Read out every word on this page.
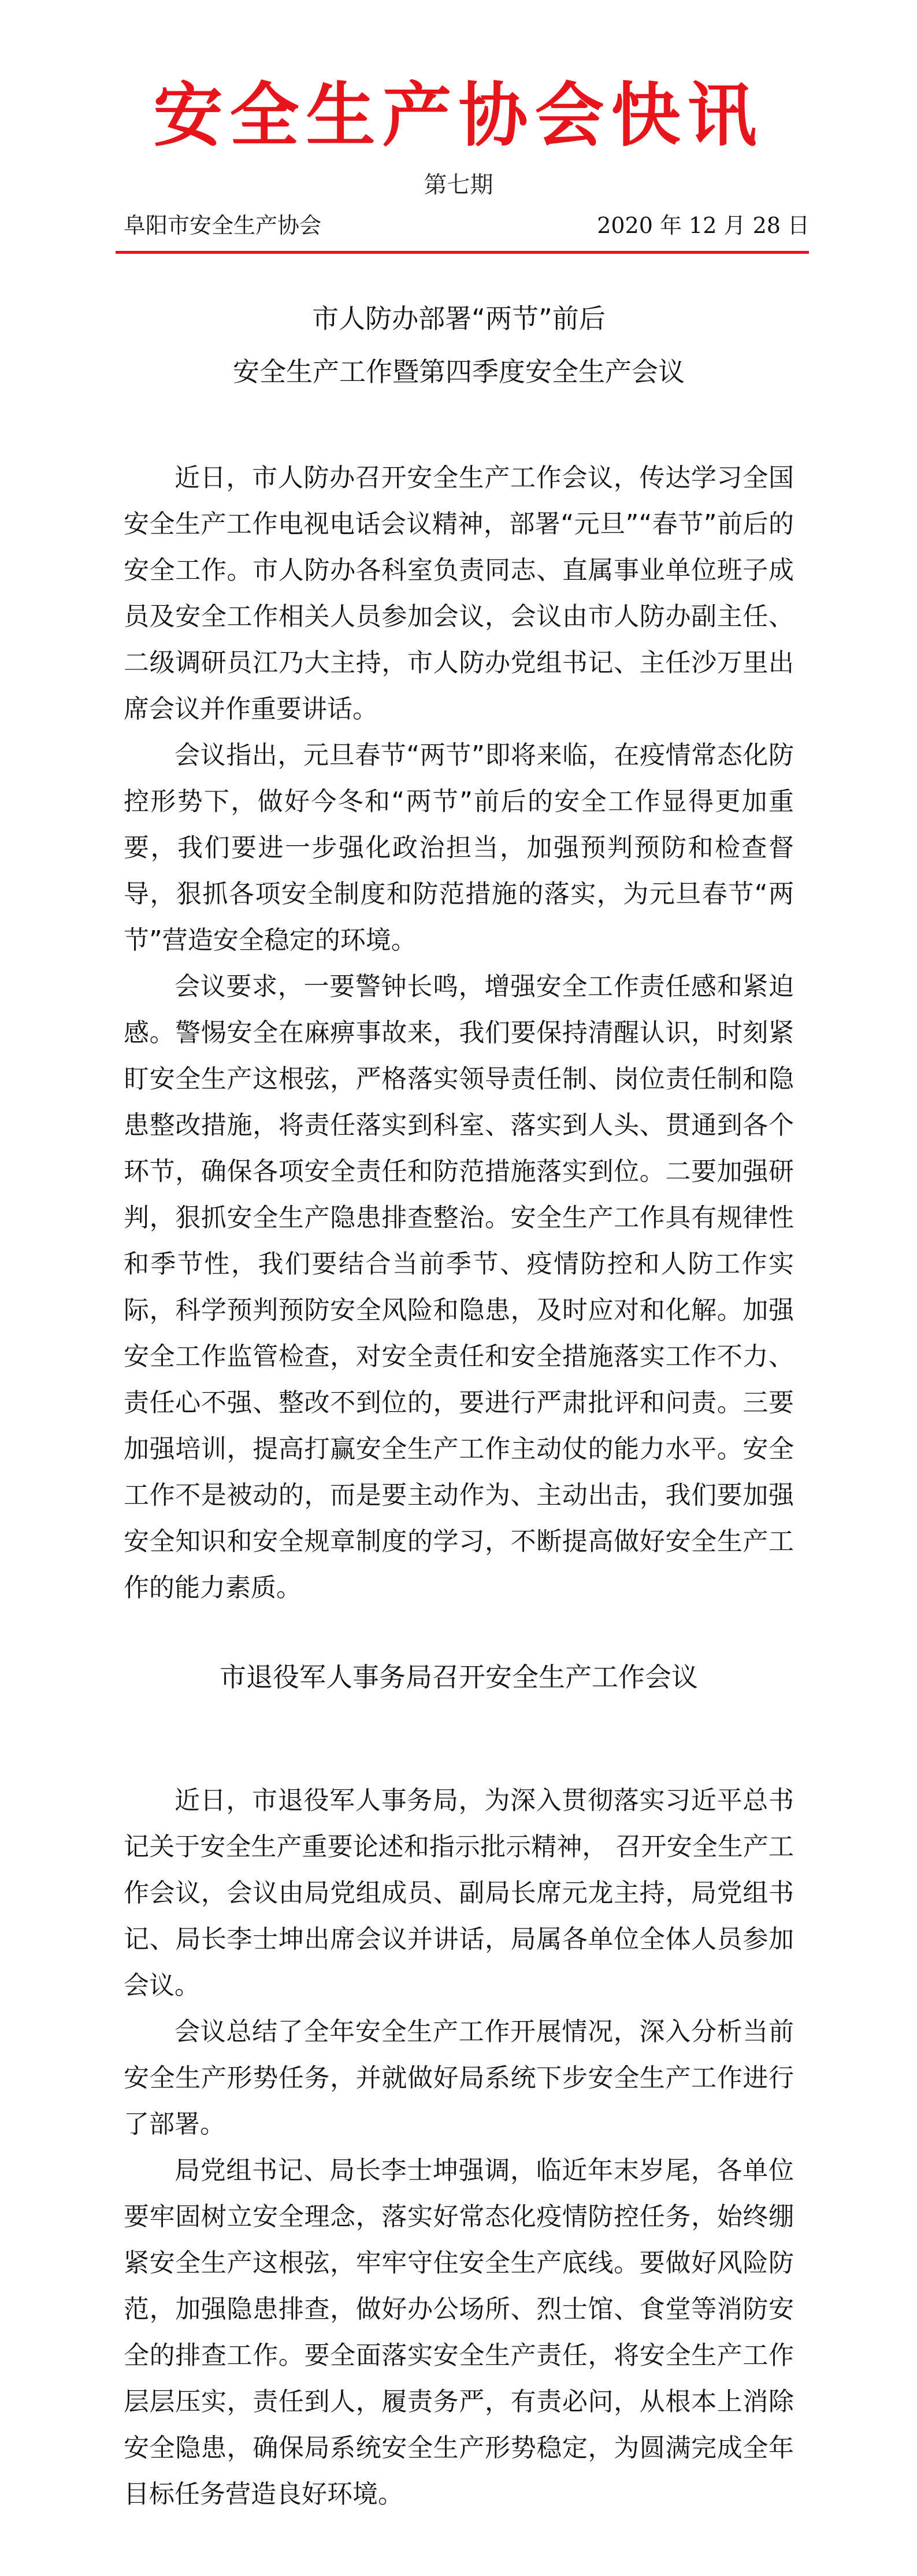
安全生产协会快讯
第七期
阜阳市安全生产协会	2020 年 12 月 28 日
市人防办部署“两节”前后
安全生产工作暨第四季度安全生产会议

近日，市人防办召开安全生产工作会议，传达学习全国安全生产工作电视电话会议精神，部署“元旦”“春节”前后的安全工作。市人防办各科室负责同志、直属事业单位班子成员及安全工作相关人员参加会议，会议由市人防办副主任、二级调研员江乃大主持，市人防办党组书记、主任沙万里出席会议并作重要讲话。

会议指出，元旦春节“两节”即将来临，在疫情常态化防控形势下，做好今冬和“两节”前后的安全工作显得更加重要，我们要进一步强化政治担当，加强预判预防和检查督导，狠抓各项安全制度和防范措施的落实，为元旦春节“两节”营造安全稳定的环境。

会议要求，一要警钟长鸣，增强安全工作责任感和紧迫感。警惕安全在麻痹事故来，我们要保持清醒认识，时刻紧盯安全生产这根弦，严格落实领导责任制、岗位责任制和隐患整改措施，将责任落实到科室、落实到人头、贯通到各个环节，确保各项安全责任和防范措施落实到位。二要加强研判，狠抓安全生产隐患排查整治。安全生产工作具有规律性和季节性，我们要结合当前季节、疫情防控和人防工作实际，科学预判预防安全风险和隐患，及时应对和化解。加强安全工作监管检查，对安全责任和安全措施落实工作不力、责任心不强、整改不到位的，要进行严肃批评和问责。三要加强培训，提高打赢安全生产工作主动仗的能力水平。安全工作不是被动的，而是要主动作为、主动出击，我们要加强安全知识和安全规章制度的学习，不断提高做好安全生产工作的能力素质。

市退役军人事务局召开安全生产工作会议

近日，市退役军人事务局，为深入贯彻落实习近平总书记关于安全生产重要论述和指示批示精神， 召开安全生产工作会议，会议由局党组成员、副局长席元龙主持，局党组书记、局长李士坤出席会议并讲话，局属各单位全体人员参加会议。

会议总结了全年安全生产工作开展情况，深入分析当前安全生产形势任务，并就做好局系统下步安全生产工作进行了部署。

局党组书记、局长李士坤强调，临近年末岁尾，各单位要牢固树立安全理念，落实好常态化疫情防控任务，始终绷紧安全生产这根弦，牢牢守住安全生产底线。要做好风险防范，加强隐患排查，做好办公场所、烈士馆、食堂等消防安全的排查工作。要全面落实安全生产责任，将安全生产工作层层压实，责任到人，履责务严，有责必问，从根本上消除安全隐患，确保局系统安全生产形势稳定，为圆满完成全年目标任务营造良好环境。
